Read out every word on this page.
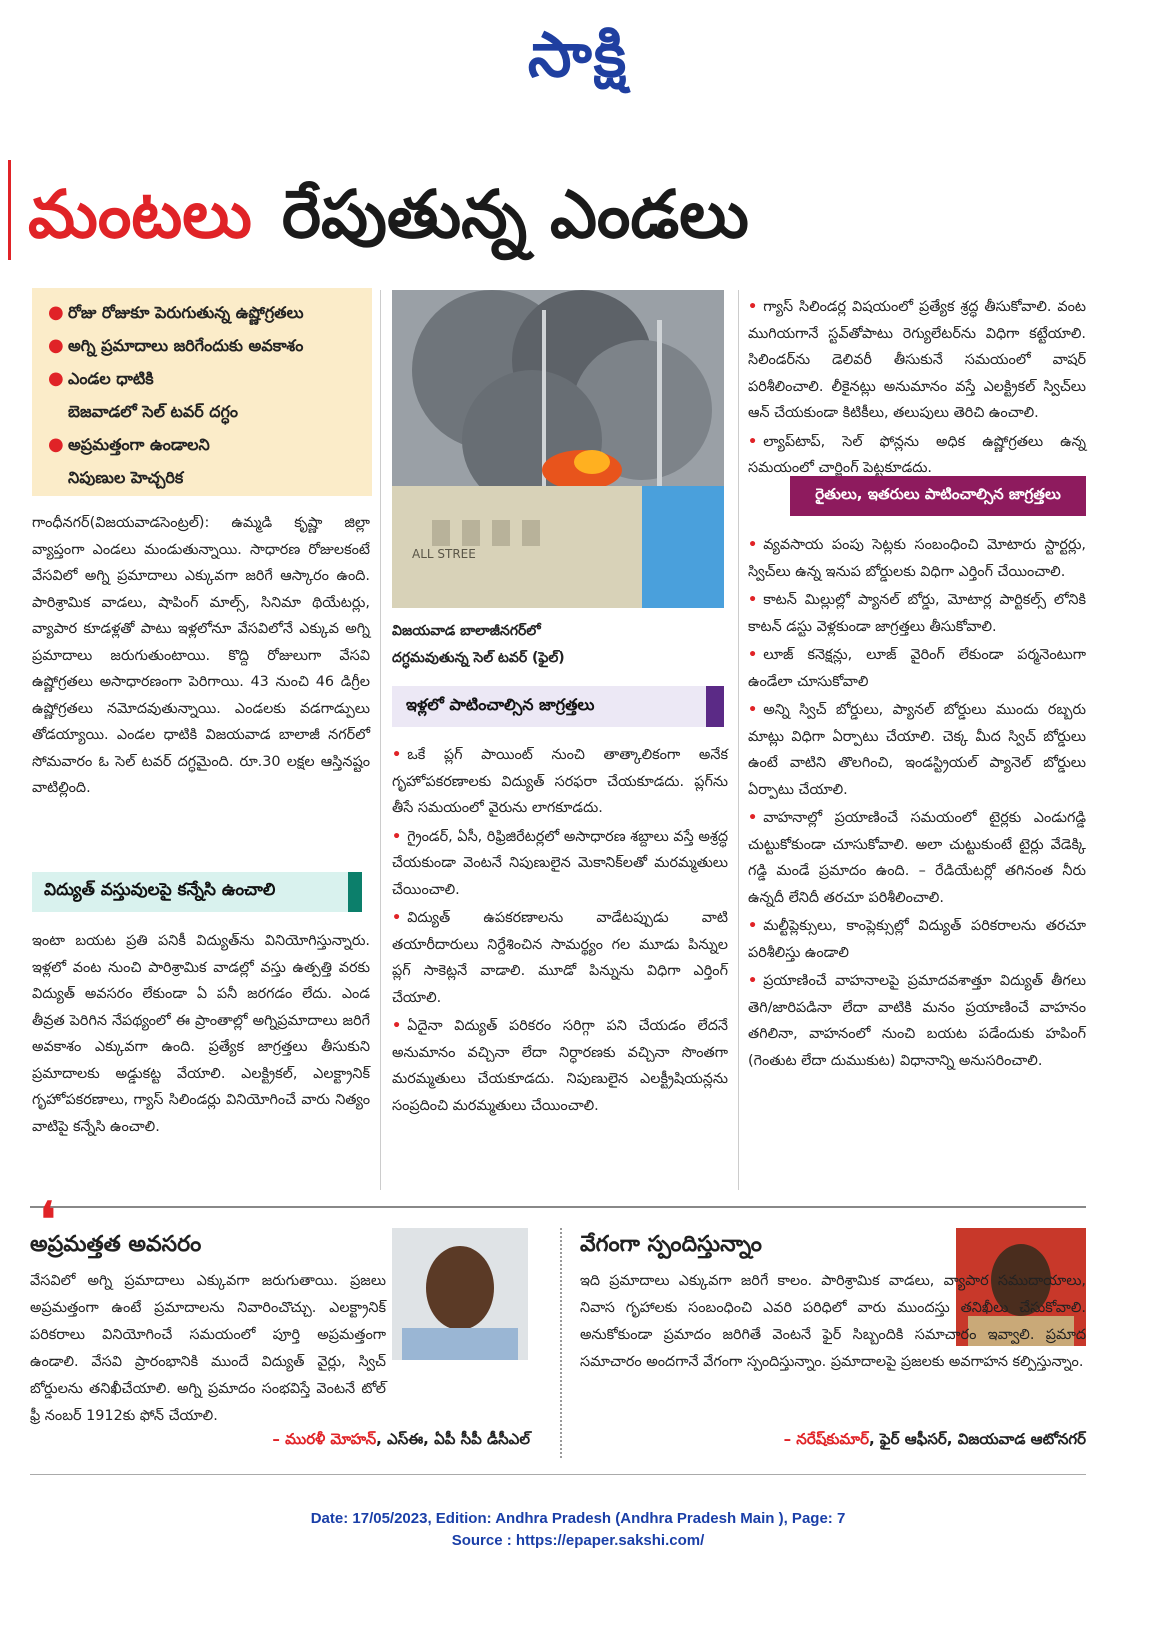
సాక్షి
మంటలు రేపుతున్న ఎండలు
● రోజు రోజుకూ పెరుగుతున్న ఉష్ణోగ్రతలు
● అగ్ని ప్రమాదాలు జరిగేందుకు అవకాశం
● ఎండల ధాటికి
బెజవాడలో సెల్ టవర్ దగ్ధం
● అప్రమత్తంగా ఉండాలని
నిపుణుల హెచ్చరిక

గాంధీనగర్(విజయవాడసెంట్రల్): ఉమ్మడి కృష్ణా జిల్లా వ్యాప్తంగా ఎండలు మండుతున్నాయి. సాధారణ రోజులకంటే వేసవిలో అగ్ని ప్రమాదాలు ఎక్కువగా జరిగే ఆస్కారం ఉంది. పారిశ్రామిక వాడలు, షాపింగ్ మాల్స్, సినిమా థియేటర్లు, వ్యాపార కూడళ్లతో పాటు ఇళ్లలోనూ వేసవిలోనే ఎక్కువ అగ్ని ప్రమాదాలు జరుగుతుంటాయి. కొద్ది రోజులుగా వేసవి ఉష్ణోగ్రతలు అసాధారణంగా పెరిగాయి. 43 నుంచి 46 డిగ్రీల ఉష్ణోగ్రతలు నమోదవుతున్నాయి. ఎండలకు వడగాడ్పులు తోడయ్యాయి. ఎండల ధాటికి విజయవాడ బాలాజీ నగర్‌లో సోమవారం ఓ సెల్ టవర్ దగ్ధమైంది. రూ.30 లక్షల ఆస్తినష్టం వాటిల్లింది.

విద్యుత్ వస్తువులపై కన్నేసి ఉంచాలి

ఇంటా బయట ప్రతి పనికీ విద్యుత్‌ను వినియోగిస్తున్నారు. ఇళ్లలో వంట నుంచి పారిశ్రామిక వాడల్లో వస్తు ఉత్పత్తి వరకు విద్యుత్ అవసరం లేకుండా ఏ పనీ జరగడం లేదు. ఎండ తీవ్రత పెరిగిన నేపథ్యంలో ఈ ప్రాంతాల్లో అగ్నిప్రమాదాలు జరిగే అవకాశం ఎక్కువగా ఉంది. ప్రత్యేక జాగ్రత్తలు తీసుకుని ప్రమాదాలకు అడ్డుకట్ట వేయాలి. ఎలక్ట్రికల్, ఎలక్ట్రానిక్ గృహోపకరణాలు, గ్యాస్ సిలిండర్లు వినియోగించే వారు నిత్యం వాటిపై కన్నేసి ఉంచాలి.

ALL STREE
విజయవాడ బాలాజీనగర్‌లో
దగ్ధమవుతున్న సెల్ టవర్ (ఫైల్)
ఇళ్లలో పాటించాల్సిన జాగ్రత్తలు

• ఒకే ప్లగ్ పాయింట్ నుంచి తాత్కాలికంగా అనేక గృహోపకరణాలకు విద్యుత్ సరఫరా చేయకూడదు. ప్లగ్‌ను తీసే సమయంలో వైరును లాగకూడదు.

• గ్రైండర్, ఏసీ, రిఫ్రిజిరేటర్లలో అసాధారణ శబ్దాలు వస్తే అశ్రద్ధ చేయకుండా వెంటనే నిపుణులైన మెకానిక్‌లతో మరమ్మతులు చేయించాలి.

• విద్యుత్ ఉపకరణాలను వాడేటప్పుడు వాటి తయారీదారులు నిర్దేశించిన సామర్థ్యం గల మూడు పిన్నుల ప్లగ్ సాకెట్లనే వాడాలి. మూడో పిన్నును విధిగా ఎర్తింగ్ చేయాలి.

• ఏదైనా విద్యుత్ పరికరం సరిగ్గా పని చేయడం లేదనే అనుమానం వచ్చినా లేదా నిర్ధారణకు వచ్చినా సొంతగా మరమ్మతులు చేయకూడదు. నిపుణులైన ఎలక్ట్రీషియన్లను సంప్రదించి మరమ్మతులు చేయించాలి.

• గ్యాస్ సిలిండర్ల విషయంలో ప్రత్యేక శ్రద్ధ తీసుకోవాలి. వంట ముగియగానే స్టవ్‌తోపాటు రెగ్యులేటర్‌ను విధిగా కట్టేయాలి. సిలిండర్‌ను డెలివరీ తీసుకునే సమయంలో వాషర్ పరిశీలించాలి. లీకైనట్లు అనుమానం వస్తే ఎలక్ట్రికల్ స్విచ్‌లు ఆన్ చేయకుండా కిటికీలు, తలుపులు తెరిచి ఉంచాలి.

• ల్యాప్‌టాప్, సెల్ ఫోన్లను అధిక ఉష్ణోగ్రతలు ఉన్న సమయంలో చార్జింగ్ పెట్టకూడదు.

రైతులు, ఇతరులు పాటించాల్సిన జాగ్రత్తలు

• వ్యవసాయ పంపు సెట్లకు సంబంధించి మోటారు స్టార్టర్లు, స్విచ్‌లు ఉన్న ఇనుప బోర్డులకు విధిగా ఎర్తింగ్ చేయించాలి.

• కాటన్ మిల్లుల్లో ప్యానల్ బోర్డు, మోటార్ల పార్టికల్స్ లోనికి కాటన్ డస్టు వెళ్లకుండా జాగ్రత్తలు తీసుకోవాలి.

• లూజ్ కనెక్షన్లు, లూజ్ వైరింగ్ లేకుండా పర్మనెంటుగా ఉండేలా చూసుకోవాలి

• అన్ని స్విచ్ బోర్డులు, ప్యానల్ బోర్డులు ముందు రబ్బరు మాట్లు విధిగా ఏర్పాటు చేయాలి. చెక్క మీద స్విచ్ బోర్డులు ఉంటే వాటిని తొలగించి, ఇండస్ట్రియల్ ప్యానెల్ బోర్డులు ఏర్పాటు చేయాలి.

• వాహనాల్లో ప్రయాణించే సమయంలో టైర్లకు ఎండుగడ్డి చుట్టుకోకుండా చూసుకోవాలి. అలా చుట్టుకుంటే టైర్లు వేడెక్కి గడ్డి మండే ప్రమాదం ఉంది. – రేడియేటర్లో తగినంత నీరు ఉన్నదీ లేనిదీ తరచూ పరిశీలించాలి.

• మల్టీప్లెక్సులు, కాంప్లెక్సుల్లో విద్యుత్ పరికరాలను తరచూ పరిశీలిస్తు ఉండాలి

• ప్రయాణించే వాహనాలపై ప్రమాదవశాత్తూ విద్యుత్ తీగలు తెగి/జారిపడినా లేదా వాటికి మనం ప్రయాణించే వాహనం తగిలినా, వాహనంలో నుంచి బయట పడేందుకు హపింగ్ (గెంతుట లేదా దుముకుట) విధానాన్ని అనుసరించాలి.

❛
అప్రమత్తత అవసరం

వేసవిలో అగ్ని ప్రమాదాలు ఎక్కువగా జరుగుతాయి. ప్రజలు అప్రమత్తంగా ఉంటే ప్రమాదాలను నివారించొచ్చు. ఎలక్ట్రానిక్ పరికరాలు వినియోగించే సమయంలో పూర్తి అప్రమత్తంగా ఉండాలి. వేసవి ప్రారంభానికి ముందే విద్యుత్ వైర్లు, స్విచ్ బోర్డులను తనిఖీచేయాలి. అగ్ని ప్రమాదం సంభవిస్తే వెంటనే టోల్ ఫ్రీ నంబర్ 1912కు ఫోన్ చేయాలి.

– మురళీ మోహన్, ఎస్ఈ, ఏపీ సీపీ డీసీఎల్
వేగంగా స్పందిస్తున్నాం

ఇది ప్రమాదాలు ఎక్కువగా జరిగే కాలం. పారిశ్రామిక వాడలు, వ్యాపార సముదాయాలు, నివాస గృహాలకు సంబంధించి ఎవరి పరిధిలో వారు ముందస్తు తనిఖీలు చేసుకోవాలి. అనుకోకుండా ప్రమాదం జరిగితే వెంటనే ఫైర్ సిబ్బందికి సమాచారం ఇవ్వాలి. ప్రమాద సమాచారం అందగానే వేగంగా స్పందిస్తున్నాం. ప్రమాదాలపై ప్రజలకు అవగాహన కల్పిస్తున్నాం.

– నరేష్‌కుమార్, ఫైర్ ఆఫీసర్, విజయవాడ ఆటోనగర్
Date: 17/05/2023, Edition: Andhra Pradesh (Andhra Pradesh Main ), Page: 7
Source : https://epaper.sakshi.com/
